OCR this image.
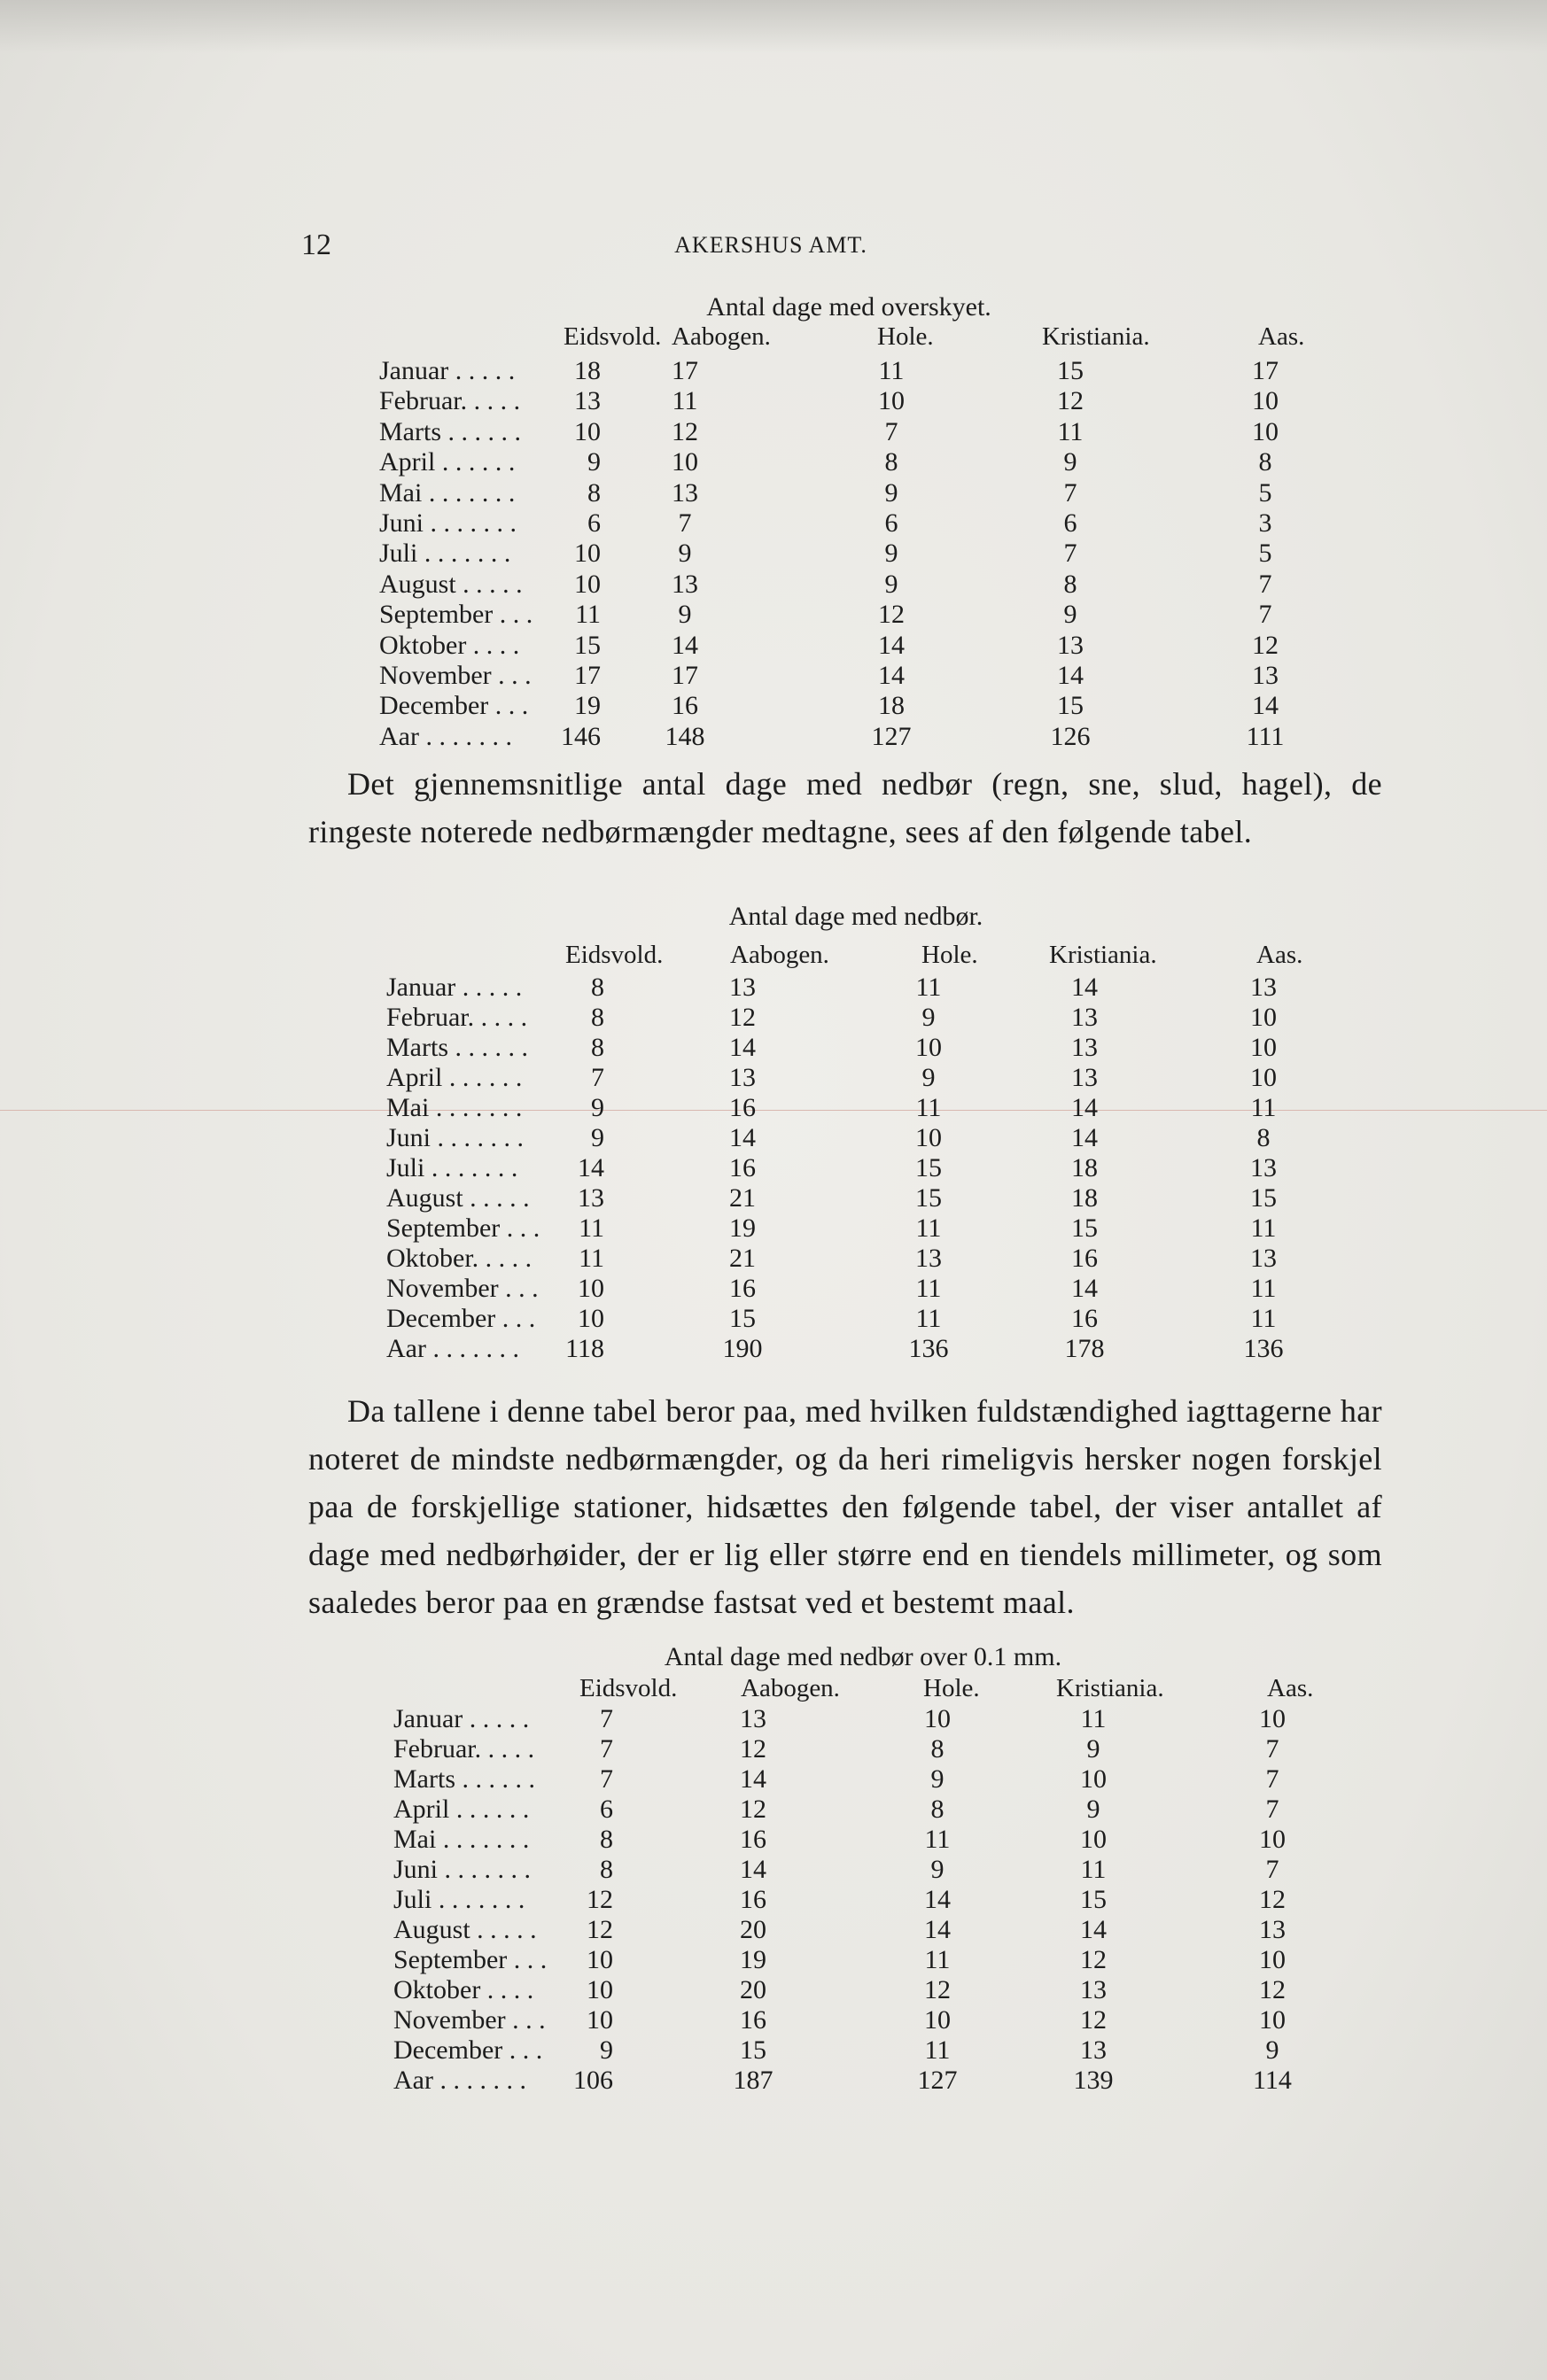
12	AKERSHUS AMT.
Antal dage med overskyet.
Eidsvold. Aabogen.	Hole.	Kristiania.	Aas.
Januar . . . . .	18	17	11	15	17
Februar. . . . .	13	11	10	12	10
Marts . . . . . .	10	12	7	11	10
April . . . . . .	9	10	8	9	8
Mai . . . . . . .	8	13	9	7	5
Juni . . . . . . .	6	7	6	6	3
Juli . . . . . . .	10	9	9	7	5
August . . . . .	10	13	9	8	7
September . . .	11	9	12	9	7
Oktober . . . .	15	14	14	13	12
November . . .	17	17	14	14	13
December . . .	19	16	18	15	14
Aar . . . . . . .	146	148	127	126	111
Det gjennemsnitlige antal dage med nedbør (regn, sne, slud, hagel), de ringeste noterede nedbørmængder medtagne, sees af den følgende tabel.
Antal dage med nedbør.
Eidsvold.	Aabogen.	Hole.	Kristiania.	Aas.
Januar . . . . .	8	13	11	14	13
Februar. . . . .	8	12	9	13	10
Marts . . . . . .	8	14	10	13	10
April . . . . . .	7	13	9	13	10
Mai . . . . . . .	9	16	11	14	11
Juni . . . . . . .	9	14	10	14	8
Juli . . . . . . .	14	16	15	18	13
August . . . . .	13	21	15	18	15
September . . .	11	19	11	15	11
Oktober. . . . .	11	21	13	16	13
November . . .	10	16	11	14	11
December . . .	10	15	11	16	11
Aar . . . . . . .	118	190	136	178	136
Da tallene i denne tabel beror paa, med hvilken fuldstændighed iagttagerne har noteret de mindste nedbørmængder, og da heri rimeligvis hersker nogen forskjel paa de forskjellige stationer, hidsættes den følgende tabel, der viser antallet af dage med nedbørhøider, der er lig eller større end en tiendels millimeter, og som saaledes beror paa en grændse fastsat ved et bestemt maal.
Antal dage med nedbør over 0.1 mm.
Eidsvold. Aabogen.	Hole.	Kristiania.	Aas.
Januar . . . . .	7	13	10	11	10
Februar. . . . .	7	12	8	9	7
Marts . . . . . .	7	14	9	10	7
April . . . . . .	6	12	8	9	7
Mai . . . . . . .	8	16	11	10	10
Juni . . . . . . .	8	14	9	11	7
Juli . . . . . . .	12	16	14	15	12
August . . . . .	12	20	14	14	13
September . . .	10	19	11	12	10
Oktober . . . .	10	20	12	13	12
November . . .	10	16	10	12	10
December . . .	9	15	11	13	9
Aar . . . . . . .	106	187	127	139	114
